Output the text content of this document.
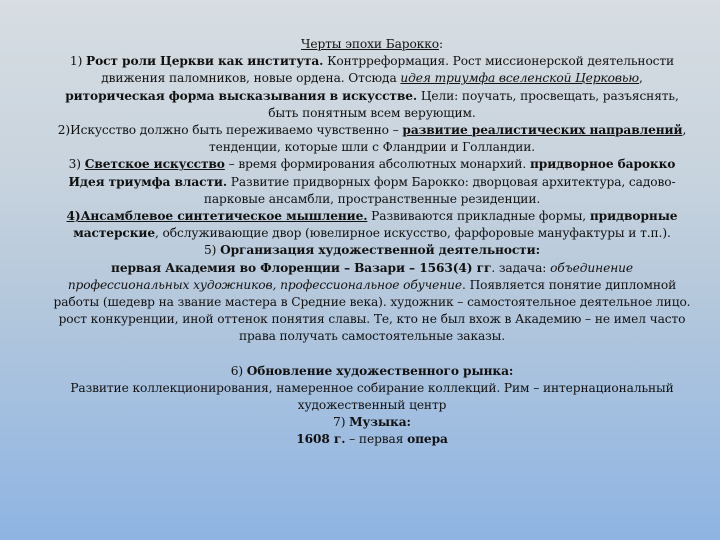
Черты эпохи Барокко:

1) Рост роли Церкви как института. Контрреформация. Рост миссионерской деятельности движения паломников, новые ордена. Отсюда идея триумфа вселенской Церковью, риторическая форма высказывания в искусстве. Цели: поучать, просвещать, разъяснять, быть понятным всем верующим.

2)Искусство должно быть переживаемо чувственно – развитие реалистических направлений, тенденции, которые шли с Фландрии и Голландии.

3) Светское искусство – время формирования абсолютных монархий. придворное барокко
Идея триумфа власти. Развитие придворных форм Барокко: дворцовая архитектура, садово-парковые ансамбли, пространственные резиденции.

4)Ансамблевое синтетическое мышление. Развиваются прикладные формы, придворные мастерские, обслуживающие двор (ювелирное искусство, фарфоровые мануфактуры и т.п.).

5) Организация художественной деятельности:
первая Академия во Флоренции – Вазари – 1563(4) гг. задача: объединение профессиональных художников, профессиональное обучение. Появляется понятие дипломной работы (шедевр на звание мастера в Средние века). художник – самостоятельное деятельное лицо. рост конкуренции, иной оттенок понятия славы. Те, кто не был вхож в Академию – не имел часто права получать самостоятельные заказы.

6) Обновление художественного рынка:
Развитие коллекционирования, намеренное собирание коллекций. Рим – интернациональный художественный центр

7) Музыка:
1608 г. – первая опера
